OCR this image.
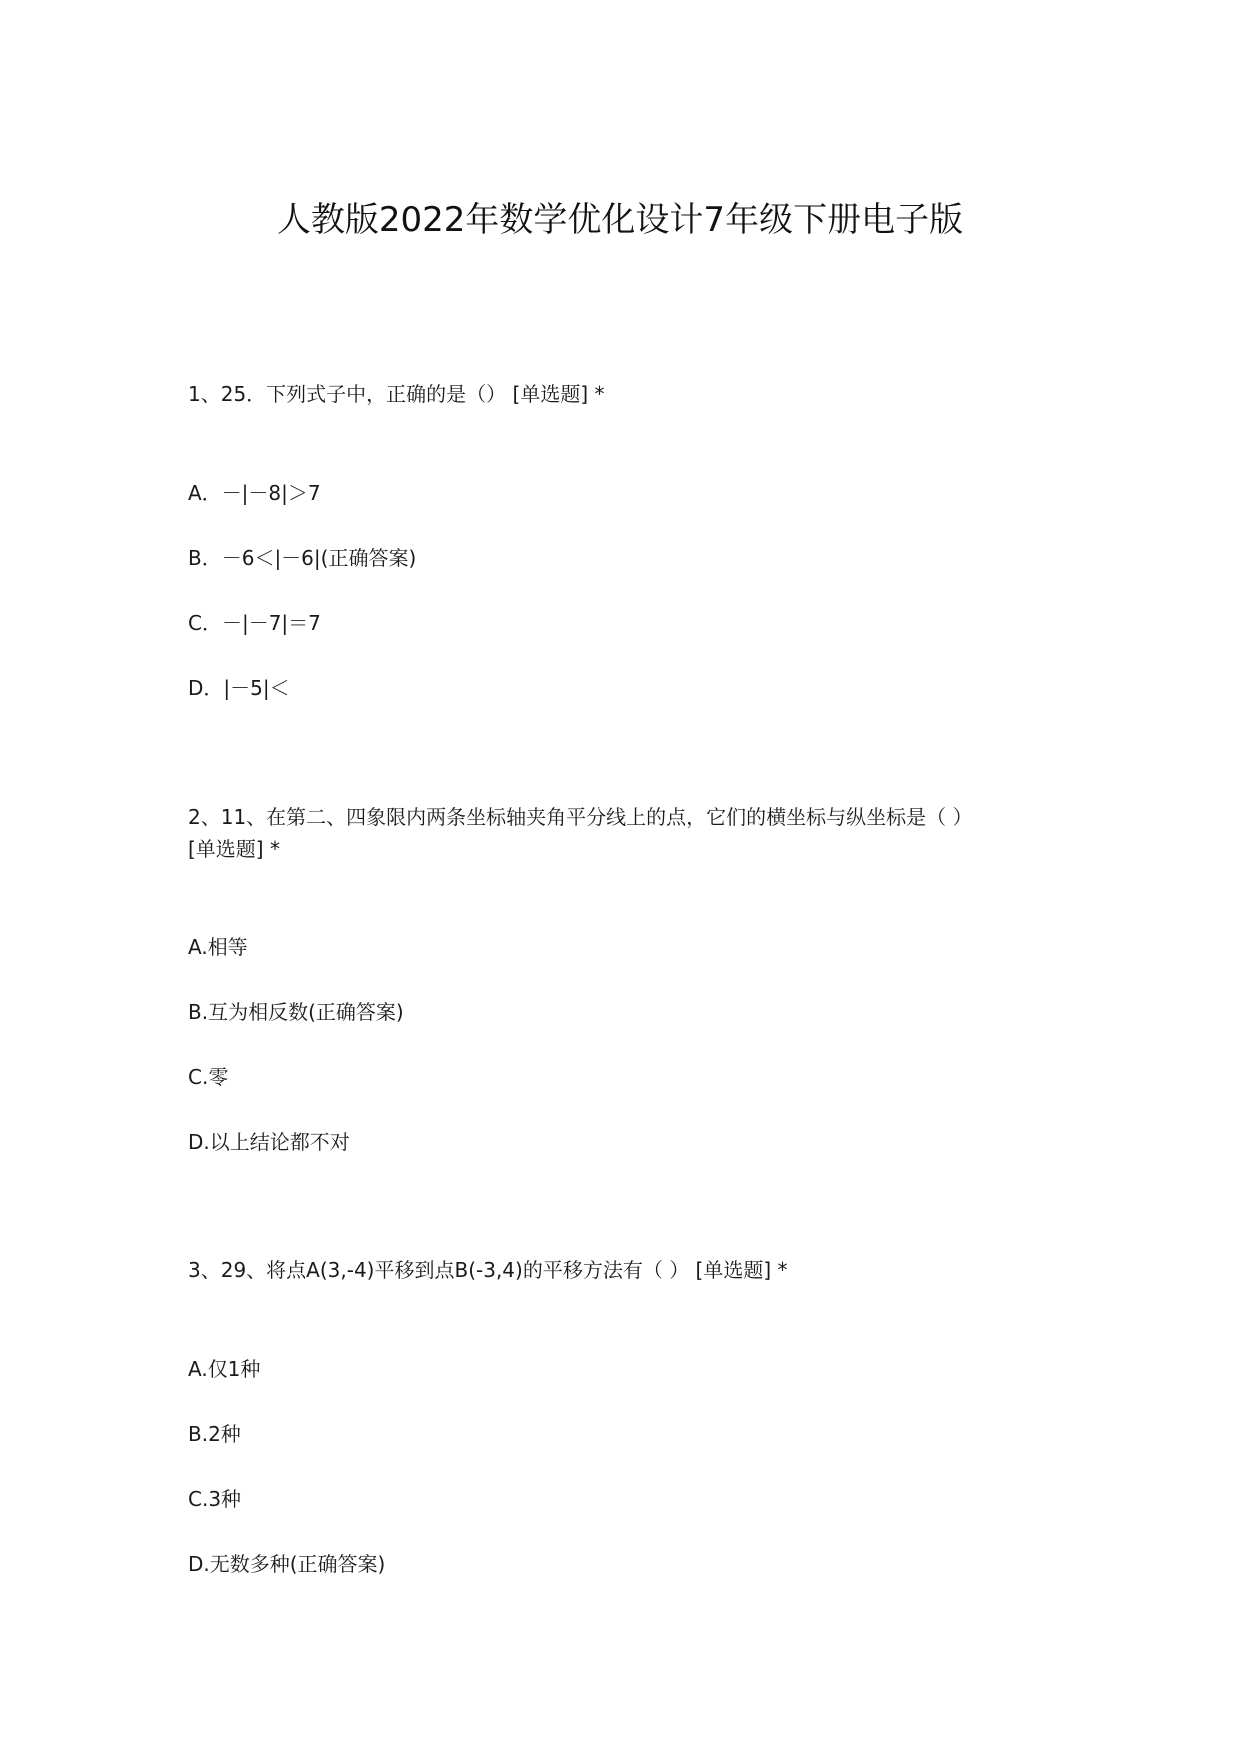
人教版2022年数学优化设计7年级下册电子版
1、25．下列式子中，正确的是（） [单选题] *
A．－|－8|＞7
B．－6＜|－6|(正确答案)
C．－|－7|＝7
D．|－5|＜
2、11、在第二、四象限内两条坐标轴夹角平分线上的点，它们的横坐标与纵坐标是（ ）
[单选题] *
A.相等
B.互为相反数(正确答案)
C.零
D.以上结论都不对
3、29、将点A(3,-4)平移到点B(-3,4)的平移方法有（ ） [单选题] *
A.仅1种
B.2种
C.3种
D.无数多种(正确答案)
